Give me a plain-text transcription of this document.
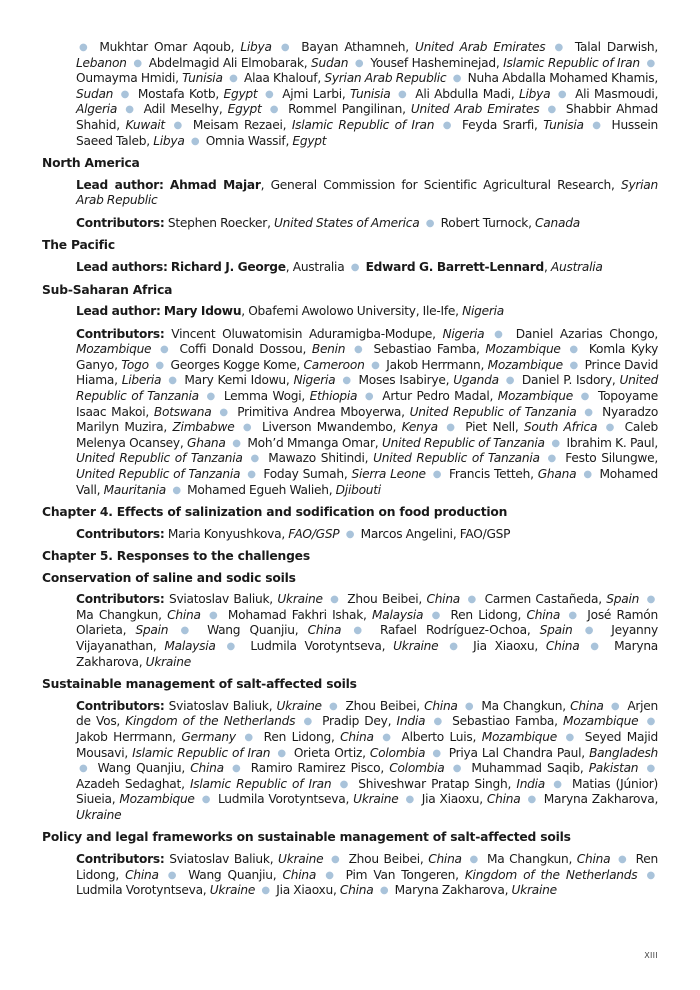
● Mukhtar Omar Aqoub, Libya ● Bayan Athamneh, United Arab Emirates ● Talal Darwish, Lebanon ● Abdelmagid Ali Elmobarak, Sudan ● Yousef Hasheminejad, Islamic Republic of Iran ● Oumayma Hmidi, Tunisia ● Alaa Khalouf, Syrian Arab Republic ● Nuha Abdalla Mohamed Khamis, Sudan ● Mostafa Kotb, Egypt ● Ajmi Larbi, Tunisia ● Ali Abdulla Madi, Libya ● Ali Masmoudi, Algeria ● Adil Meselhy, Egypt ● Rommel Pangilinan, United Arab Emirates ● Shabbir Ahmad Shahid, Kuwait ● Meisam Rezaei, Islamic Republic of Iran ● Feyda Srarfi, Tunisia ● Hussein Saeed Taleb, Libya ● Omnia Wassif, Egypt
North America
Lead author: Ahmad Majar, General Commission for Scientific Agricultural Research, Syrian Arab Republic
Contributors: Stephen Roecker, United States of America ● Robert Turnock, Canada
The Pacific
Lead authors: Richard J. George, Australia ● Edward G. Barrett-Lennard, Australia
Sub-Saharan Africa
Lead author: Mary Idowu, Obafemi Awolowo University, Ile-Ife, Nigeria
Contributors: Vincent Oluwatomisin Aduramigba-Modupe, Nigeria ● Daniel Azarias Chongo, Mozambique ● Coffi Donald Dossou, Benin ● Sebastiao Famba, Mozambique ● Komla Kyky Ganyo, Togo ● Georges Kogge Kome, Cameroon ● Jakob Herrmann, Mozambique ● Prince David Hiama, Liberia ● Mary Kemi Idowu, Nigeria ● Moses Isabirye, Uganda ● Daniel P. Isdory, United Republic of Tanzania ● Lemma Wogi, Ethiopia ● Artur Pedro Madal, Mozambique ● Topoyame Isaac Makoi, Botswana ● Primitiva Andrea Mboyerwa, United Republic of Tanzania ● Nyaradzo Marilyn Muzira, Zimbabwe ● Liverson Mwandembo, Kenya ● Piet Nell, South Africa ● Caleb Melenya Ocansey, Ghana ● Moh’d Mmanga Omar, United Republic of Tanzania ● Ibrahim K. Paul, United Republic of Tanzania ● Mawazo Shitindi, United Republic of Tanzania ● Festo Silungwe, United Republic of Tanzania ● Foday Sumah, Sierra Leone ● Francis Tetteh, Ghana ● Mohamed Vall, Mauritania ● Mohamed Egueh Walieh, Djibouti
Chapter 4. Effects of salinization and sodification on food production
Contributors: Maria Konyushkova, FAO/GSP ● Marcos Angelini, FAO/GSP
Chapter 5. Responses to the challenges
Conservation of saline and sodic soils
Contributors: Sviatoslav Baliuk, Ukraine ● Zhou Beibei, China ● Carmen Castañeda, Spain ● Ma Changkun, China ● Mohamad Fakhri Ishak, Malaysia ● Ren Lidong, China ● José Ramón Olarieta, Spain ● Wang Quanjiu, China ● Rafael Rodríguez-Ochoa, Spain ● Jeyanny Vijayanathan, Malaysia ● Ludmila Vorotyntseva, Ukraine ● Jia Xiaoxu, China ● Maryna Zakharova, Ukraine
Sustainable management of salt-affected soils
Contributors: Sviatoslav Baliuk, Ukraine ● Zhou Beibei, China ● Ma Changkun, China ● Arjen de Vos, Kingdom of the Netherlands ● Pradip Dey, India ● Sebastiao Famba, Mozambique ● Jakob Herrmann, Germany ● Ren Lidong, China ● Alberto Luis, Mozambique ● Seyed Majid Mousavi, Islamic Republic of Iran ● Orieta Ortiz, Colombia ● Priya Lal Chandra Paul, Bangladesh ● Wang Quanjiu, China ● Ramiro Ramirez Pisco, Colombia ● Muhammad Saqib, Pakistan ● Azadeh Sedaghat, Islamic Republic of Iran ● Shiveshwar Pratap Singh, India ● Matias (Júnior) Siueia, Mozambique ● Ludmila Vorotyntseva, Ukraine ● Jia Xiaoxu, China ● Maryna Zakharova, Ukraine
Policy and legal frameworks on sustainable management of salt-affected soils
Contributors: Sviatoslav Baliuk, Ukraine ● Zhou Beibei, China ● Ma Changkun, China ● Ren Lidong, China ● Wang Quanjiu, China ● Pim Van Tongeren, Kingdom of the Netherlands ● Ludmila Vorotyntseva, Ukraine ● Jia Xiaoxu, China ● Maryna Zakharova, Ukraine
XIII
